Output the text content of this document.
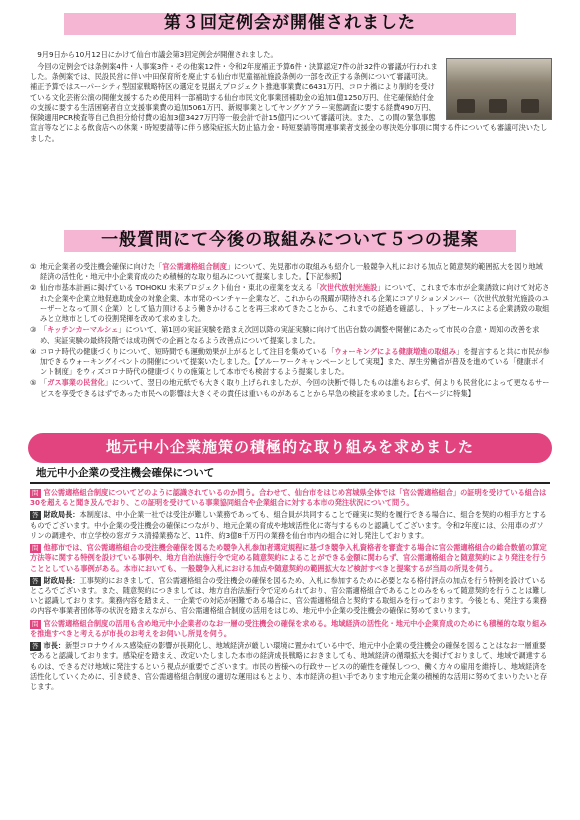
第３回定例会が開催されました

9月9日から10月12日にかけて仙台市議会第3回定例会が開催されました。

今回の定例会では条例案4件・人事案3件・その他案12件・令和2年度補正予算6件・決算認定7件の計32件の審議が行われました。条例案では、民設民営に伴い中田保育所を廃止する仙台市児童福祉施設条例の一部を改正する条例について審議可決。補正予算ではスーパーシティ型国家戦略特区の選定を見据えプロジェクト推進事業費に6431万円、コロナ禍により制約を受けている文化芸術公演の開催支援するため使用料一部補助する仙台市民文化事業団補助金の追加1億1250万円、住宅確保給付金の支援に要する生活困窮者自立支援事業費の追加5061万円、新規事業としてヤングケアラー実態調査に要する経費490万円、保険適用PCR検査等自己負担分給付費の追加3億3427万円等一般会計で計15億円について審議可決。また、この間の緊急事態宣言等などによる飲食店への休業・時短要請等に伴う感染症拡大防止協力金・時短要請等関連事業者支援金の専決処分事項に関する件についても審議可決いたしました。

一般質問にて今後の取組みについて５つの提案
① 地元企業者の受注機会確保に向けた「官公需適格組合制度」について、先見都市の取組みも紹介し一般競争入札における加点と随意契約範囲拡大を図り地域経済の活性化・地元中小企業育成のため積極的な取り組みについて提案しました。【下記参照】
② 仙台市基本計画に掲げている TOHOKU 未来プロジェクト仙台・東北の産業を支える「次世代放射光施設」について、これまで本市が企業誘致に向けて対応された企業や企業立地促進助成金の対象企業、本市発のベンチャー企業など、これからの飛躍が期待される企業にコアリションメンバー（次世代放射光施設のユーザーとなって頂く企業）として協力頂けるよう働きかけることを再三求めてきたことから、これまでの経過を確認し、トップセールスによる企業誘致の取組みと立地市としての役割発揮を改めて求めました。
③ 「キッチンカーマルシェ」について、第1回の実証実験を踏まえ次回以降の実証実験に向けて出店台数の調整や開催にあたって市民の合意・周知の改善を求め、実証実験の最終段階では成功例での企画となるよう改善点について提案しました。
④ コロナ時代の健康づくりについて、短時間でも運動効果が上がるとして注目を集めている「ウォーキングによる健康増進の取組み」を提言すると共に市民が参加できるウォーキングイベントの開催について提案いたしました。【アルーワークキャンペーンとして実現】また、厚生労働省が普及を進めている「健康ポイント制度」をウィズコロナ時代の健康づくりの施策として本市でも検討するよう提案しました。
⑤ 「ガス事業の民営化」について、翌日の地元紙でも大きく取り上げられましたが、今回の決断で得したものは誰もおらず、何よりも民営化によって更なるサービスを享受できるはずであった市民への影響は大きくその責任は重いものがあることから早急の検証を求めました。【右ページに特集】
地元中小企業施策の積極的な取り組みを求めました
地元中小企業の受注機会確保について

問 官公需適格組合制度についてどのように認識されているのか問う。合わせて、仙台市をはじめ宮城県全体では「官公需適格組合」の証明を受けている組合は30を超えると聞き及んでおり、この証明を受けている事業協同組合や企業組合に対する本市の発注状況について問う。

答 財政局長：本制度は、中小企業一社では受注が難しい業務であっても、組合員が共同することで確実に契約を履行できる場合に、組合を契約の相手方とするものでございます。中小企業の受注機会の確保につながり、地元企業の育成や地域活性化に寄与するものと認識してございます。令和2年度には、公用車のガソリンの調達や、市立学校の窓ガラス清掃業務など、11件、約3億8千万円の業務を仙台市内の組合に対し発注しております。

問 他都市では、官公需適格組合の受注機会確保を図るため競争入札参加者選定規程に基づき競争入札資格者を審査する場合に官公需適格組合の総合数値の算定方法等に関する特例を設けている事例や、地方自治法施行令で定める随意契約によることができる金額に関わらず、官公需適格組合と随意契約により発注を行うこととしている事例がある。本市においても、一般競争入札における加点や随意契約の範囲拡大など検討すべきと提案するが当局の所見を伺う。

答 財政局長：工事契約におきまして、官公需適格組合の受注機会の確保を図るため、入札に参加するために必要となる格付評点の加点を行う特例を設けているところでございます。また、随意契約につきましては、地方自治法施行令で定められており、官公需適格組合であることのみをもって随意契約を行うことは難しいと認識しております。業務内容を踏まえ、一企業での対応が困難である場合に、官公需適格組合と契約する取組みを行っております。今後とも、発注する業務の内容や事業者団体等の状況を踏まえながら、官公需適格組合制度の活用をはじめ、地元中小企業の受注機会の確保に努めてまいります。

問 官公需適格組合制度の活用も含め地元中小企業者のなお一層の受注機会の確保を求める。地域経済の活性化・地元中小企業育成のためにも積極的な取り組みを推進すべきと考えるが市長のお考えをお伺いし所見を伺う。

答 市長：新型コロナウイルス感染症の影響が長期化し、地域経済が厳しい環境に置かれている中で、地元中小企業の受注機会の確保を図ることはなお一層重要であると認識しております。感染症を踏まえ、改定いたしました本市の経済成長戦略におきましても、地域経済の循環拡大を掲げておりまして、地域で調達するものは、できるだけ地域に発注するという視点が重要でございます。市民の皆様への行政サービスの的確性を確保しつつ、働く方々の雇用を維持し、地域経済を活性化していくために、引き続き、官公需適格組合制度の適切な運用はもとより、本市経済の担い手であります地元企業の積極的な活用に努めてまいりたいと存じます。
